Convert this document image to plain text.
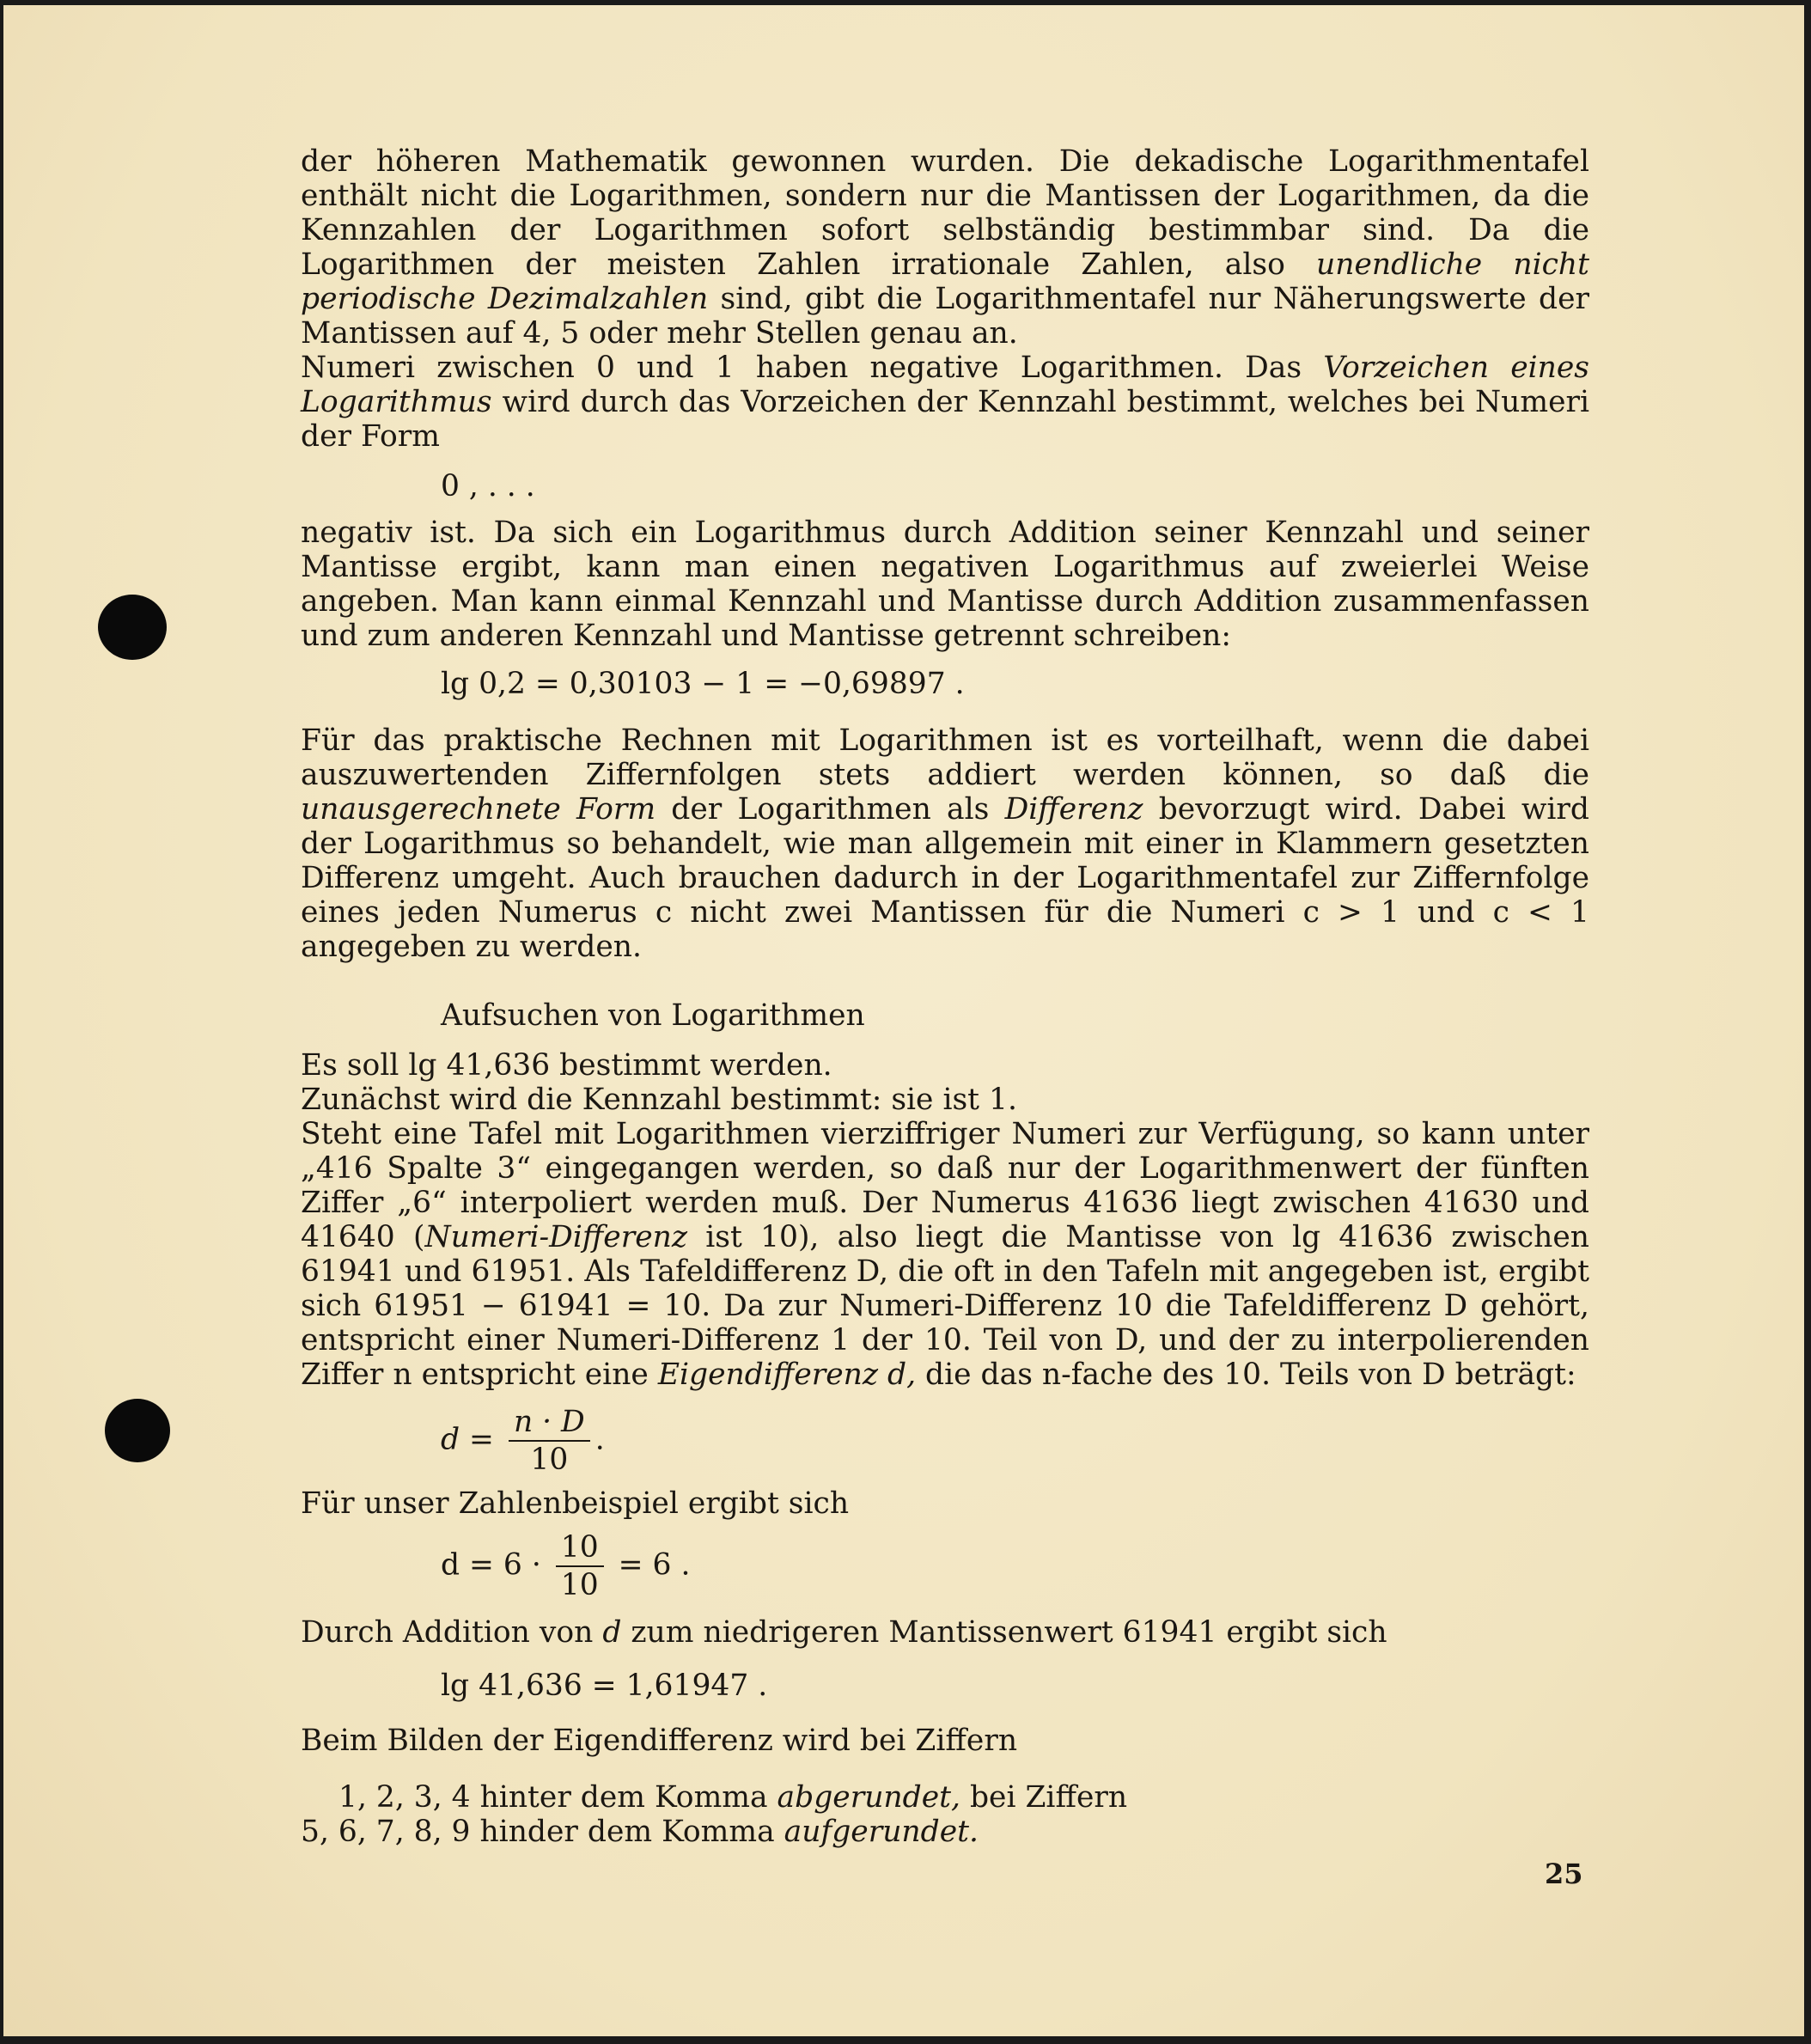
der höheren Mathematik gewonnen wurden. Die dekadische Logarithmentafel enthält nicht die Logarithmen, sondern nur die Mantissen der Logarithmen, da die Kennzahlen der Logarithmen sofort selbständig bestimmbar sind. Da die Logarithmen der meisten Zahlen irrationale Zahlen, also unendliche nicht periodische Dezimalzahlen sind, gibt die Logarithmentafel nur Näherungswerte der Mantissen auf 4, 5 oder mehr Stellen genau an.

Numeri zwischen 0 und 1 haben negative Logarithmen. Das Vorzeichen eines Logarithmus wird durch das Vorzeichen der Kennzahl bestimmt, welches bei Numeri der Form

0 , . . .

negativ ist. Da sich ein Logarithmus durch Addition seiner Kennzahl und seiner Mantisse ergibt, kann man einen negativen Logarithmus auf zweierlei Weise angeben. Man kann einmal Kennzahl und Mantisse durch Addition zusammenfassen und zum anderen Kennzahl und Mantisse getrennt schreiben:

lg 0,2 = 0,30103 − 1 = −0,69897 .

Für das praktische Rechnen mit Logarithmen ist es vorteilhaft, wenn die dabei auszuwertenden Ziffernfolgen stets addiert werden können, so daß die unausgerechnete Form der Logarithmen als Differenz bevorzugt wird. Dabei wird der Logarithmus so behandelt, wie man allgemein mit einer in Klammern gesetzten Differenz umgeht. Auch brauchen dadurch in der Logarithmentafel zur Ziffernfolge eines jeden Numerus c nicht zwei Mantissen für die Numeri c > 1 und c < 1 angegeben zu werden.

Aufsuchen von Logarithmen

Es soll lg 41,636 bestimmt werden.

Zunächst wird die Kennzahl bestimmt: sie ist 1.

Steht eine Tafel mit Logarithmen vierziffriger Numeri zur Verfügung, so kann unter „416 Spalte 3“ eingegangen werden, so daß nur der Logarithmenwert der fünften Ziffer „6“ interpoliert werden muß. Der Numerus 41636 liegt zwischen 41630 und 41640 (Numeri-Differenz ist 10), also liegt die Mantisse von lg 41636 zwischen 61941 und 61951. Als Tafeldifferenz D, die oft in den Tafeln mit angegeben ist, ergibt sich 61951 − 61941 = 10. Da zur Numeri-Differenz 10 die Tafeldifferenz D gehört, entspricht einer Numeri-Differenz 1 der 10. Teil von D, und der zu interpolierenden Ziffer n entspricht eine Eigendifferenz d, die das n-fache des 10. Teils von D beträgt:

$d = \frac{n \cdot D}{10}$ .

Für unser Zahlenbeispiel ergibt sich

$d = 6 \cdot \frac{10}{10} = 6$ .

Durch Addition von d zum niedrigeren Mantissenwert 61941 ergibt sich

lg 41,636 = 1,61947 .

Beim Bilden der Eigendifferenz wird bei Ziffern

1, 2, 3, 4 hinter dem Komma abgerundet, bei Ziffern

5, 6, 7, 8, 9 hinder dem Komma aufgerundet.

25
